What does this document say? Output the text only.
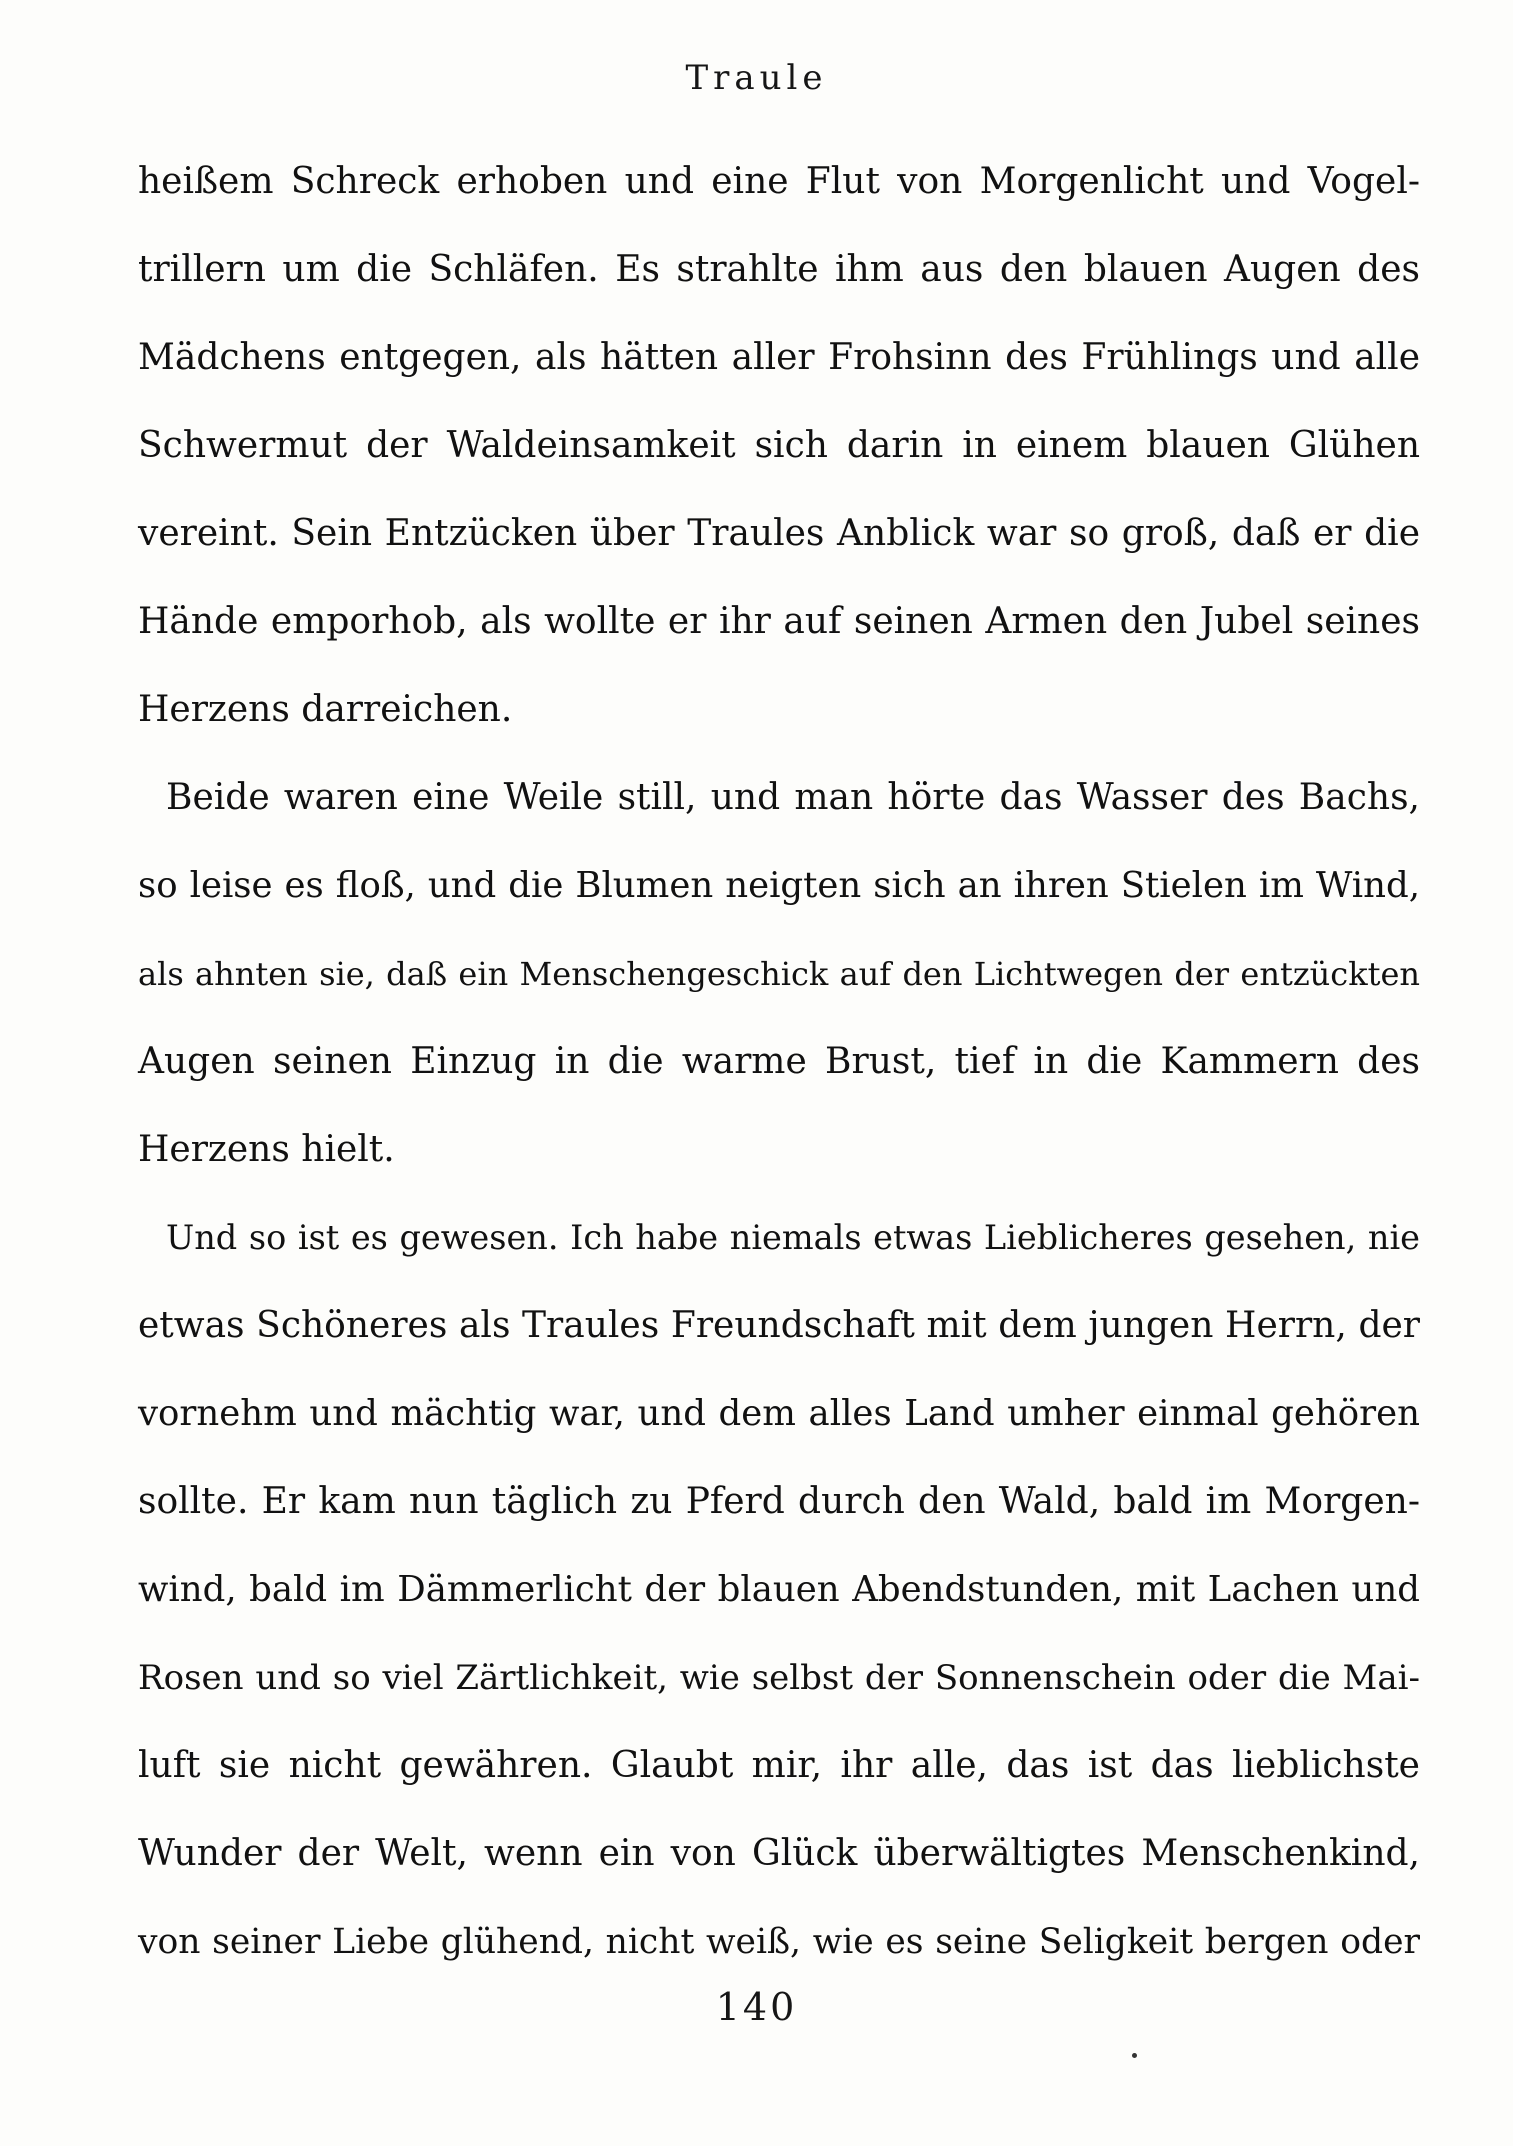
Traule
heißem Schreck erhoben und eine Flut von Morgenlicht und Vogel-
trillern um die Schläfen. Es strahlte ihm aus den blauen Augen des
Mädchens entgegen, als hätten aller Frohsinn des Frühlings und alle
Schwermut der Waldeinsamkeit sich darin in einem blauen Glühen
vereint. Sein Entzücken über Traules Anblick war so groß, daß er die
Hände emporhob, als wollte er ihr auf seinen Armen den Jubel seines
Herzens darreichen.
Beide waren eine Weile still, und man hörte das Wasser des Bachs,
so leise es floß, und die Blumen neigten sich an ihren Stielen im Wind,
als ahnten sie, daß ein Menschengeschick auf den Lichtwegen der entzückten
Augen seinen Einzug in die warme Brust, tief in die Kammern des
Herzens hielt.
Und so ist es gewesen. Ich habe niemals etwas Lieblicheres gesehen, nie
etwas Schöneres als Traules Freundschaft mit dem jungen Herrn, der
vornehm und mächtig war, und dem alles Land umher einmal gehören
sollte. Er kam nun täglich zu Pferd durch den Wald, bald im Morgen-
wind, bald im Dämmerlicht der blauen Abendstunden, mit Lachen und
Rosen und so viel Zärtlichkeit, wie selbst der Sonnenschein oder die Mai-
luft sie nicht gewähren. Glaubt mir, ihr alle, das ist das lieblichste
Wunder der Welt, wenn ein von Glück überwältigtes Menschenkind,
von seiner Liebe glühend, nicht weiß, wie es seine Seligkeit bergen oder
140
